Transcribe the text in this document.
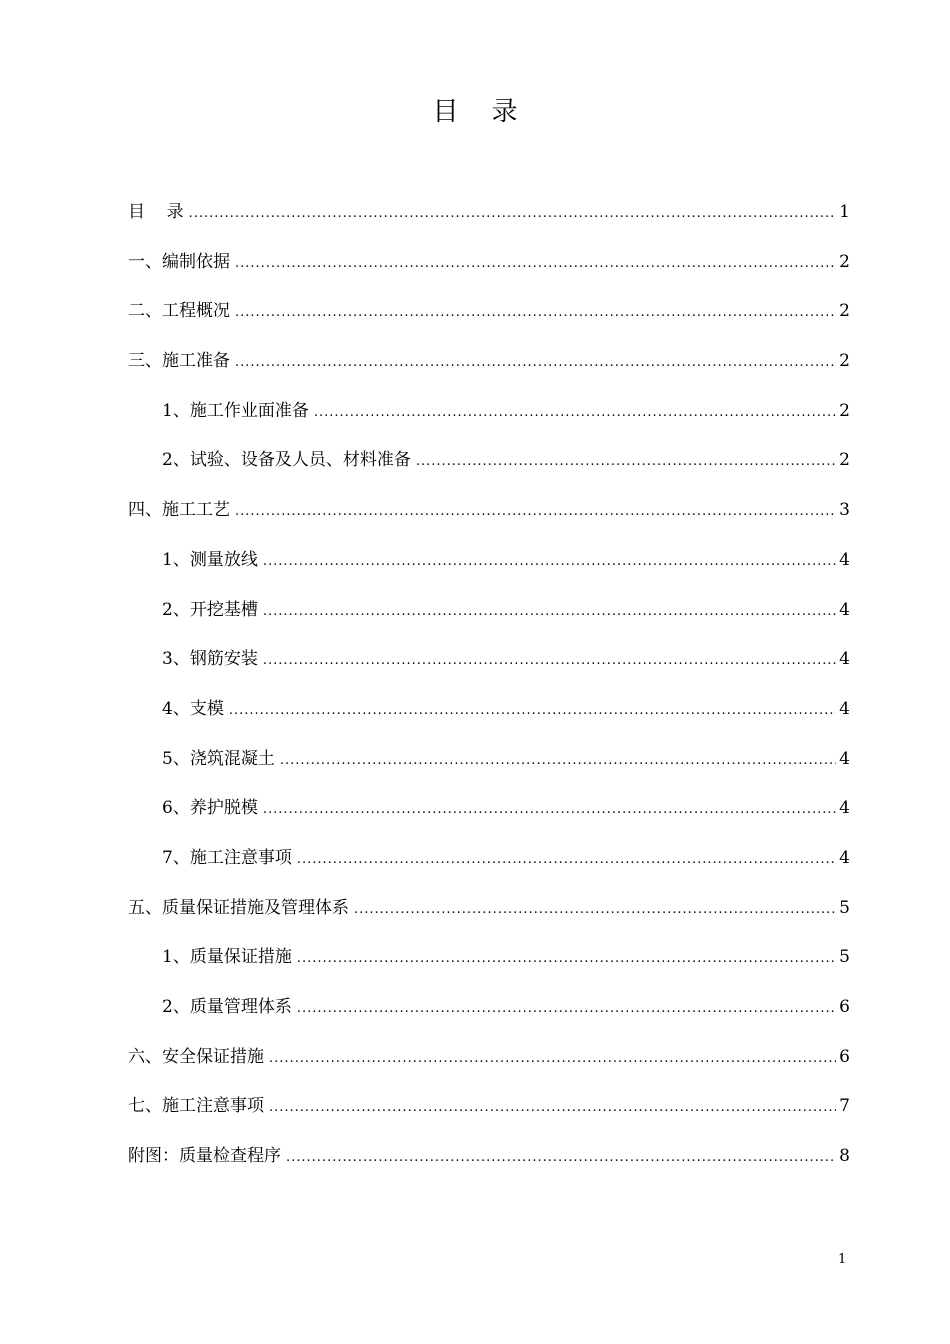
目    录
目    录 .....	1
一、编制依据 .....	2
二、工程概况 .....	2
三、施工准备 .....	2
1、施工作业面准备 .....	2
2、试验、设备及人员、材料准备 .....	2
四、施工工艺 .....	3
1、测量放线 .....	4
2、开挖基槽 .....	4
3、钢筋安装 .....	4
4、支模 .....	4
5、浇筑混凝土 .....	4
6、养护脱模 .....	4
7、施工注意事项 .....	4
五、质量保证措施及管理体系 .....	5
1、质量保证措施 .....	5
2、质量管理体系 .....	6
六、安全保证措施 .....	6
七、施工注意事项 .....	7
附图：质量检查程序 .....	8
1
